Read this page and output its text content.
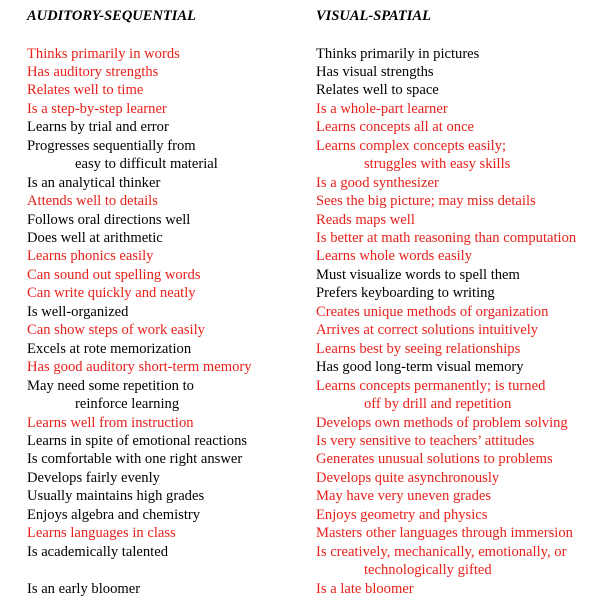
AUDITORY-SEQUENTIAL
Thinks primarily in words
Has auditory strengths
Relates well to time
Is a step-by-step learner
Learns by trial and error
Progresses sequentially from
easy to difficult material
Is an analytical thinker
Attends well to details
Follows oral directions well
Does well at arithmetic
Learns phonics easily
Can sound out spelling words
Can write quickly and neatly
Is well-organized
Can show steps of work easily
Excels at rote memorization
Has good auditory short-term memory
May need some repetition to
reinforce learning
Learns well from instruction
Learns in spite of emotional reactions
Is comfortable with one right answer
Develops fairly evenly
Usually maintains high grades
Enjoys algebra and chemistry
Learns languages in class
Is academically talented
Is an early bloomer
VISUAL-SPATIAL
Thinks primarily in pictures
Has visual strengths
Relates well to space
Is a whole-part learner
Learns concepts all at once
Learns complex concepts easily;
struggles with easy skills
Is a good synthesizer
Sees the big picture; may miss details
Reads maps well
Is better at math reasoning than computation
Learns whole words easily
Must visualize words to spell them
Prefers keyboarding to writing
Creates unique methods of organization
Arrives at correct solutions intuitively
Learns best by seeing relationships
Has good long-term visual memory
Learns concepts permanently; is turned
off by drill and repetition
Develops own methods of problem solving
Is very sensitive to teachers’ attitudes
Generates unusual solutions to problems
Develops quite asynchronously
May have very uneven grades
Enjoys geometry and physics
Masters other languages through immersion
Is creatively, mechanically, emotionally, or
technologically gifted
Is a late bloomer
